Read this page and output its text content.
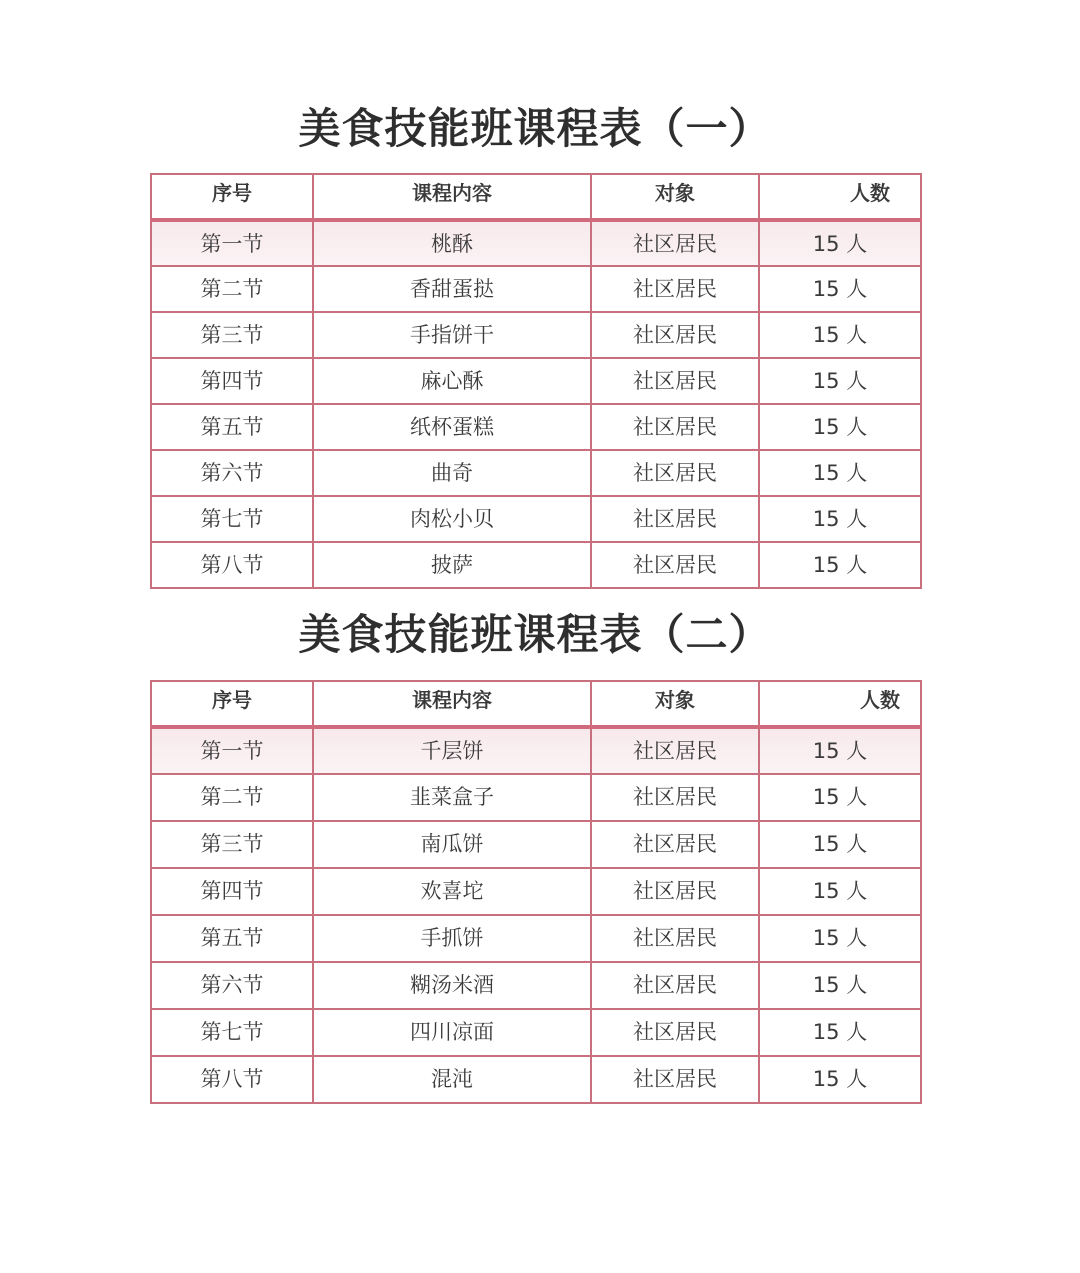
美食技能班课程表（一）
序号	课程内容	对象	人数
第一节	桃酥	社区居民	15 人
第二节	香甜蛋挞	社区居民	15 人
第三节	手指饼干	社区居民	15 人
第四节	麻心酥	社区居民	15 人
第五节	纸杯蛋糕	社区居民	15 人
第六节	曲奇	社区居民	15 人
第七节	肉松小贝	社区居民	15 人
第八节	披萨	社区居民	15 人
美食技能班课程表（二）
序号	课程内容	对象	人数
第一节	千层饼	社区居民	15 人
第二节	韭菜盒子	社区居民	15 人
第三节	南瓜饼	社区居民	15 人
第四节	欢喜坨	社区居民	15 人
第五节	手抓饼	社区居民	15 人
第六节	糊汤米酒	社区居民	15 人
第七节	四川凉面	社区居民	15 人
第八节	混沌	社区居民	15 人
